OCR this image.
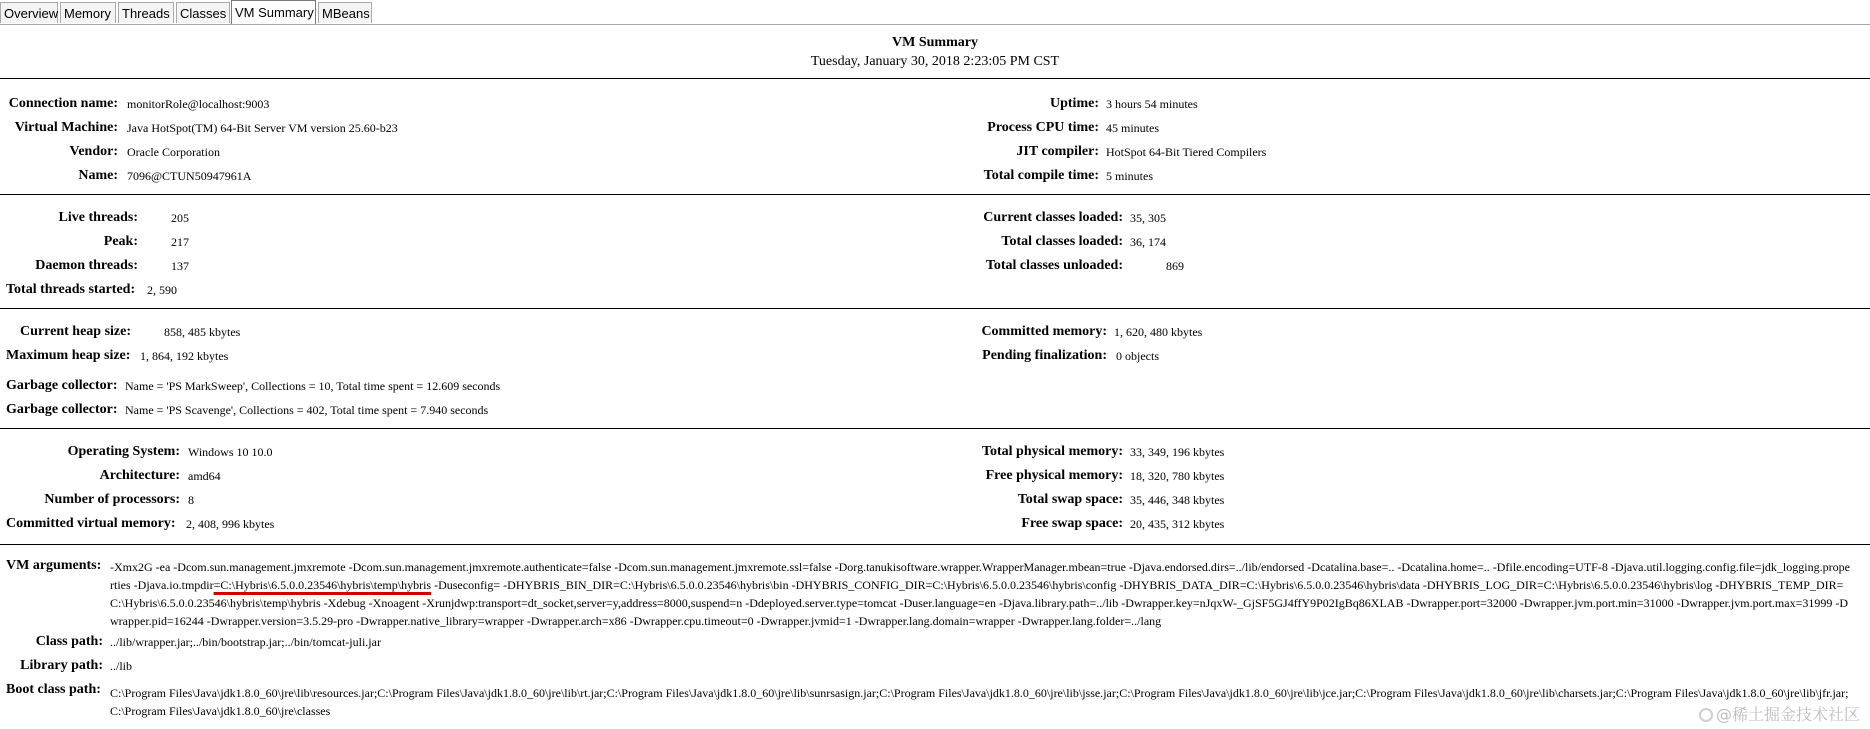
Overview Memory Threads Classes VM Summary MBeans
VM Summary
Tuesday, January 30, 2018 2:23:05 PM CST
Connection name: monitorRole@localhost:9003
Virtual Machine: Java HotSpot(TM) 64-Bit Server VM version 25.60-b23
Vendor: Oracle Corporation
Name: 7096@CTUN50947961A
Uptime: 3 hours 54 minutes
Process CPU time: 45 minutes
JIT compiler: HotSpot 64-Bit Tiered Compilers
Total compile time: 5 minutes
Live threads:	205
Peak:	217
Daemon threads:	137
Total threads started: 2, 590
Current classes loaded: 35, 305
Total classes loaded: 36, 174
Total classes unloaded:	869
Current heap size:	858, 485 kbytes
Maximum heap size: 1, 864, 192 kbytes
Committed memory: 1, 620, 480 kbytes
Pending finalization: 0 objects
Garbage collector: Name = 'PS MarkSweep', Collections = 10, Total time spent = 12.609 seconds
Garbage collector: Name = 'PS Scavenge', Collections = 402, Total time spent = 7.940 seconds
Operating System: Windows 10 10.0
Architecture: amd64
Number of processors: 8
Committed virtual memory: 2, 408, 996 kbytes
Total physical memory: 33, 349, 196 kbytes
Free physical memory: 18, 320, 780 kbytes
Total swap space: 35, 446, 348 kbytes
Free swap space: 20, 435, 312 kbytes
VM arguments: -Xmx2G -ea -Dcom.sun.management.jmxremote -Dcom.sun.management.jmxremote.authenticate=false -Dcom.sun.management.jmxremote.ssl=false -Dorg.tanukisoftware.wrapper.WrapperManager.mbean=true -Djava.endorsed.dirs=../lib/endorsed -Dcatalina.base=.. -Dcatalina.home=.. -Dfile.encoding=UTF-8 -Djava.util.logging.config.file=jdk_logging.properties -Djava.io.tmpdir=C:\Hybris\6.5.0.0.23546\hybris\temp\hybris -Duseconfig= -DHYBRIS_BIN_DIR=C:\Hybris\6.5.0.0.23546\hybris\bin -DHYBRIS_CONFIG_DIR=C:\Hybris\6.5.0.0.23546\hybris\config -DHYBRIS_DATA_DIR=C:\Hybris\6.5.0.0.23546\hybris\data -DHYBRIS_LOG_DIR=C:\Hybris\6.5.0.0.23546\hybris\log -DHYBRIS_TEMP_DIR=C:\Hybris\6.5.0.0.23546\hybris\temp\hybris -Xdebug -Xnoagent -Xrunjdwp:transport=dt_socket,server=y,address=8000,suspend=n -Ddeployed.server.type=tomcat -Duser.language=en -Djava.library.path=../lib -Dwrapper.key=nJqxW-_GjSF5GJ4ffY9P02IgBq86XLAB -Dwrapper.port=32000 -Dwrapper.jvm.port.min=31000 -Dwrapper.jvm.port.max=31999 -Dwrapper.pid=16244 -Dwrapper.version=3.5.29-pro -Dwrapper.native_library=wrapper -Dwrapper.arch=x86 -Dwrapper.cpu.timeout=0 -Dwrapper.jvmid=1 -Dwrapper.lang.domain=wrapper -Dwrapper.lang.folder=../lang
Class path: ../lib/wrapper.jar;../bin/bootstrap.jar;../bin/tomcat-juli.jar
Library path: ../lib
Boot class path: C:\Program Files\Java\jdk1.8.0_60\jre\lib\resources.jar;C:\Program Files\Java\jdk1.8.0_60\jre\lib\rt.jar;C:\Program Files\Java\jdk1.8.0_60\jre\lib\sunrsasign.jar;C:\Program Files\Java\jdk1.8.0_60\jre\lib\jsse.jar;C:\Program Files\Java\jdk1.8.0_60\jre\lib\jce.jar;C:\Program Files\Java\jdk1.8.0_60\jre\lib\charsets.jar;C:\Program Files\Java\jdk1.8.0_60\jre\lib\jfr.jar;C:\Program Files\Java\jdk1.8.0_60\jre\classes	@稀土掘金技术社区
